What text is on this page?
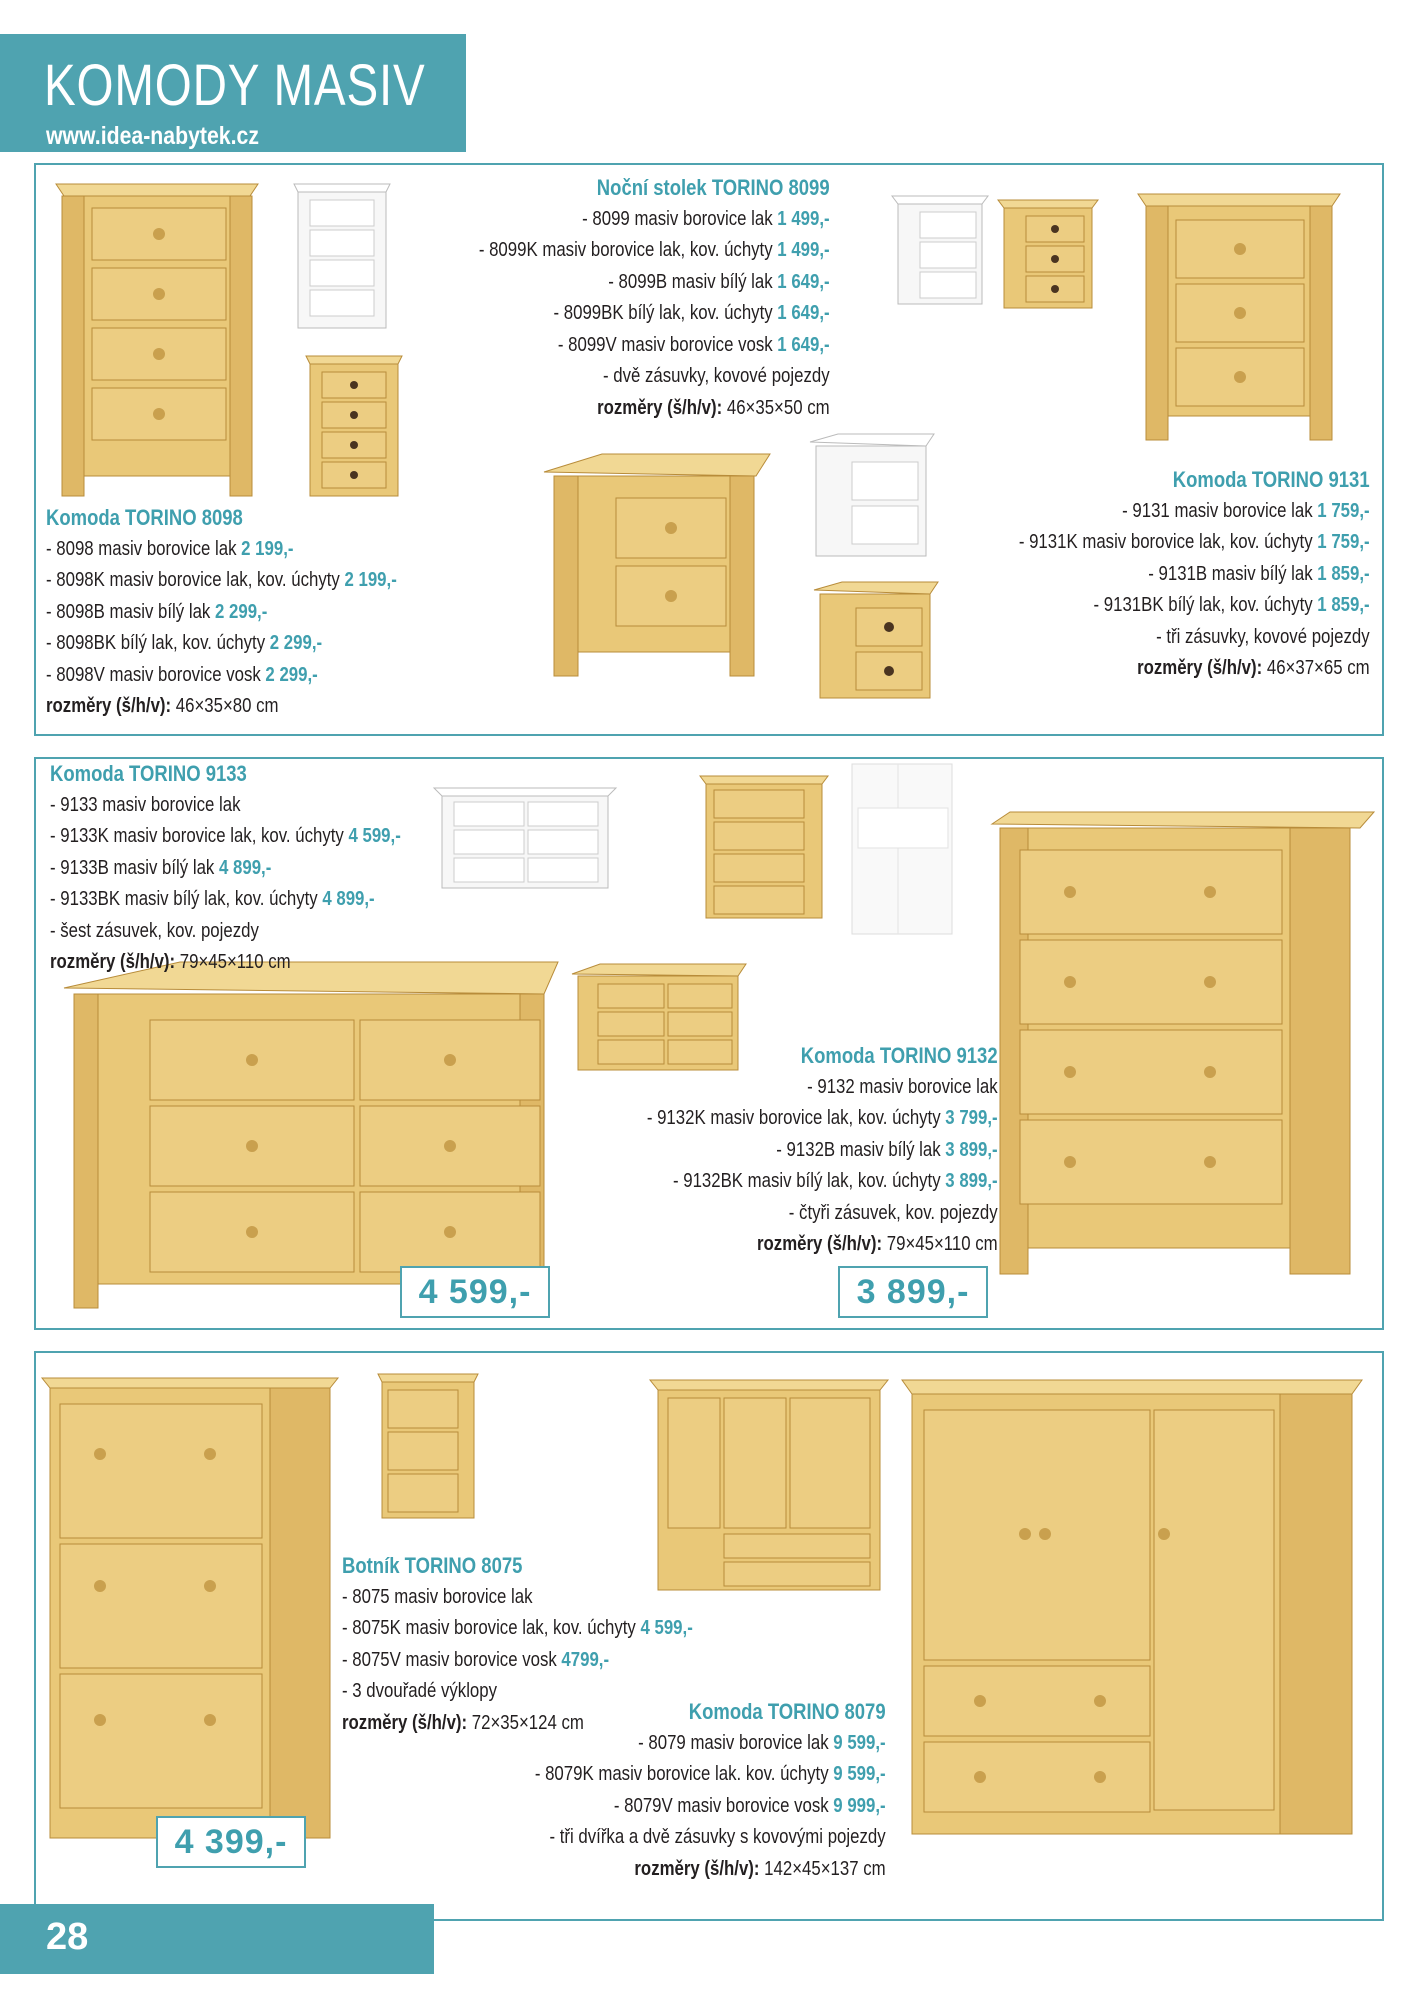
KOMODY MASIV
www.idea-nabytek.cz
Komoda TORINO 8098
- 8098 masiv borovice lak 2 199,-
- 8098K masiv borovice lak, kov. úchyty 2 199,-
- 8098B masiv bílý lak 2 299,-
- 8098BK bílý lak, kov. úchyty 2 299,-
- 8098V masiv borovice vosk 2 299,-
rozměry (š/h/v): 46×35×80 cm
Noční stolek TORINO 8099
- 8099 masiv borovice lak 1 499,-
- 8099K masiv borovice lak, kov. úchyty 1 499,-
- 8099B masiv bílý lak 1 649,-
- 8099BK bílý lak, kov. úchyty 1 649,-
- 8099V masiv borovice vosk 1 649,-
- dvě zásuvky, kovové pojezdy
rozměry (š/h/v): 46×35×50 cm
Komoda TORINO 9131
- 9131 masiv borovice lak 1 759,-
- 9131K masiv borovice lak, kov. úchyty 1 759,-
- 9131B masiv bílý lak 1 859,-
- 9131BK bílý lak, kov. úchyty 1 859,-
- tři zásuvky, kovové pojezdy
rozměry (š/h/v): 46×37×65 cm
Komoda TORINO 9133
- 9133 masiv borovice lak
- 9133K masiv borovice lak, kov. úchyty 4 599,-
- 9133B masiv bílý lak 4 899,-
- 9133BK masiv bílý lak, kov. úchyty 4 899,-
- šest zásuvek, kov. pojezdy
rozměry (š/h/v): 79×45×110 cm
Komoda TORINO 9132
- 9132 masiv borovice lak
- 9132K masiv borovice lak, kov. úchyty 3 799,-
- 9132B masiv bílý lak 3 899,-
- 9132BK masiv bílý lak, kov. úchyty 3 899,-
- čtyři zásuvek, kov. pojezdy
rozměry (š/h/v): 79×45×110 cm
4 599,-	3 899,-
Botník TORINO 8075
- 8075 masiv borovice lak
- 8075K masiv borovice lak, kov. úchyty 4 599,-
- 8075V masiv borovice vosk 4799,-
- 3 dvouřadé výklopy
rozměry (š/h/v): 72×35×124 cm	Komoda TORINO 8079
- 8079 masiv borovice lak 9 599,-
- 8079K masiv borovice lak. kov. úchyty 9 599,-
- 8079V masiv borovice vosk 9 999,-
- tři dvířka a dvě zásuvky s kovovými pojezdy
rozměry (š/h/v): 142×45×137 cm
4 399,-
28
